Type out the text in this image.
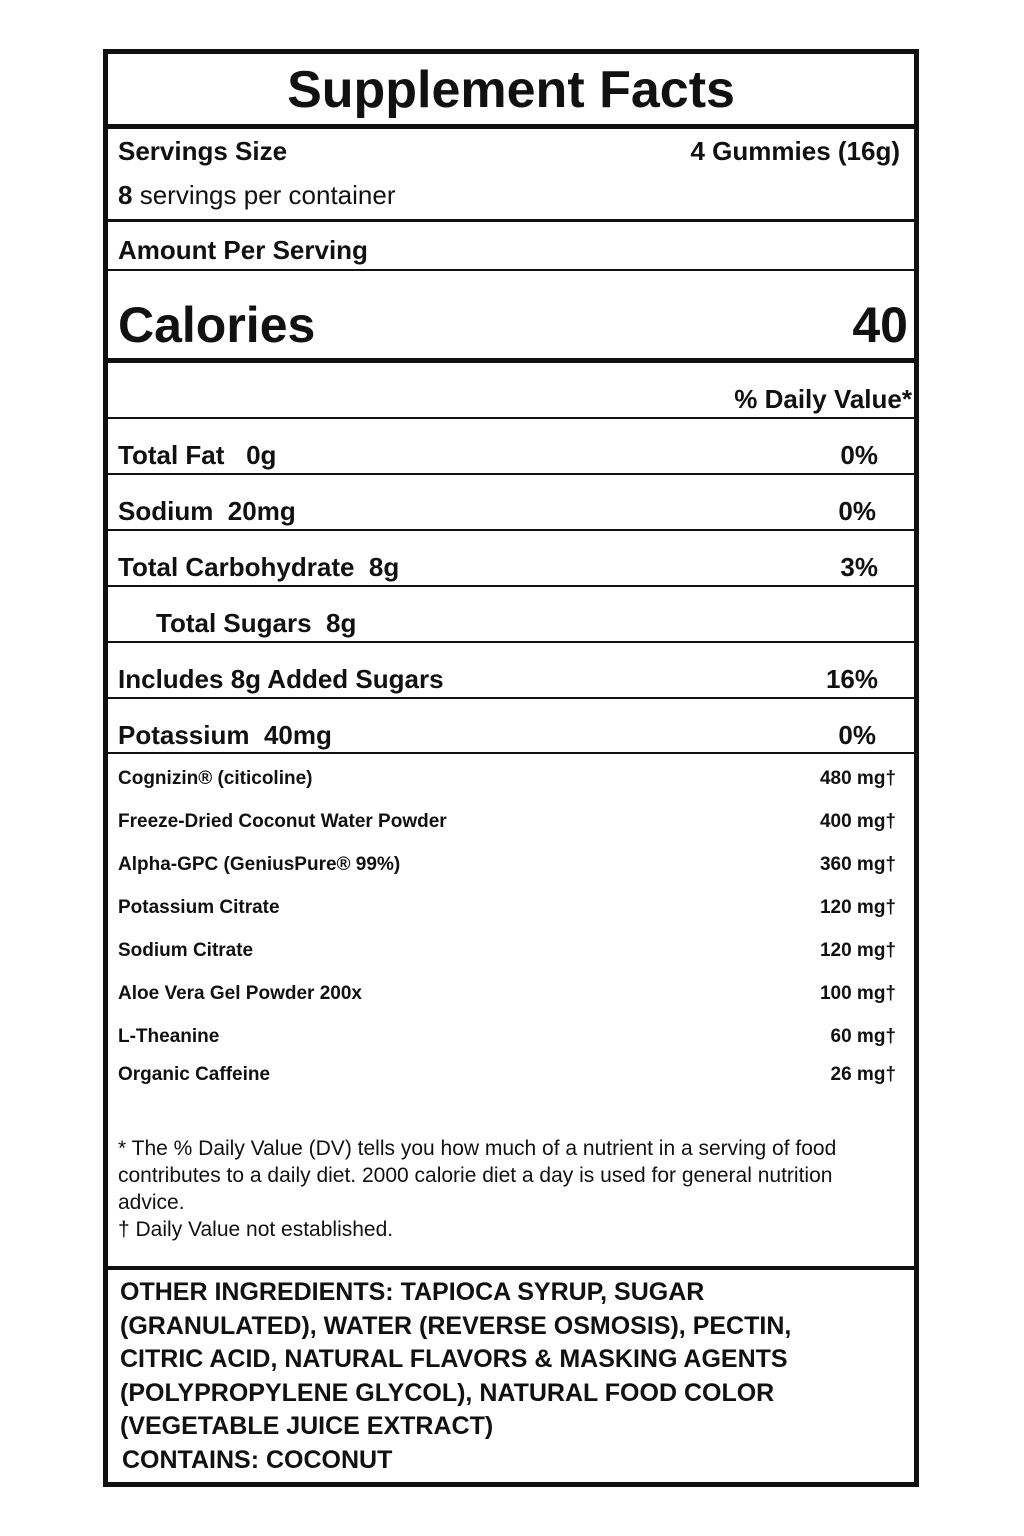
Supplement Facts
Servings Size	4 Gummies (16g)
8 servings per container
Amount Per Serving
Calories	40
% Daily Value*
Total Fat 0g	0%
Sodium 20mg	0%
Total Carbohydrate 8g	3%
Total Sugars 8g
Includes 8g Added Sugars	16%
Potassium 40mg	0%
Cognizin® (citicoline)	480 mg†
Freeze-Dried Coconut Water Powder	400 mg†
Alpha-GPC (GeniusPure® 99%)	360 mg†
Potassium Citrate	120 mg†
Sodium Citrate	120 mg†
Aloe Vera Gel Powder 200x	100 mg†
L-Theanine	60 mg†
Organic Caffeine	26 mg†
* The % Daily Value (DV) tells you how much of a nutrient in a serving of food contributes to a daily diet. 2000 calorie diet a day is used for general nutrition advice.
† Daily Value not established.
OTHER INGREDIENTS: TAPIOCA SYRUP, SUGAR (GRANULATED), WATER (REVERSE OSMOSIS), PECTIN, CITRIC ACID, NATURAL FLAVORS & MASKING AGENTS (POLYPROPYLENE GLYCOL), NATURAL FOOD COLOR (VEGETABLE JUICE EXTRACT)
CONTAINS: COCONUT
